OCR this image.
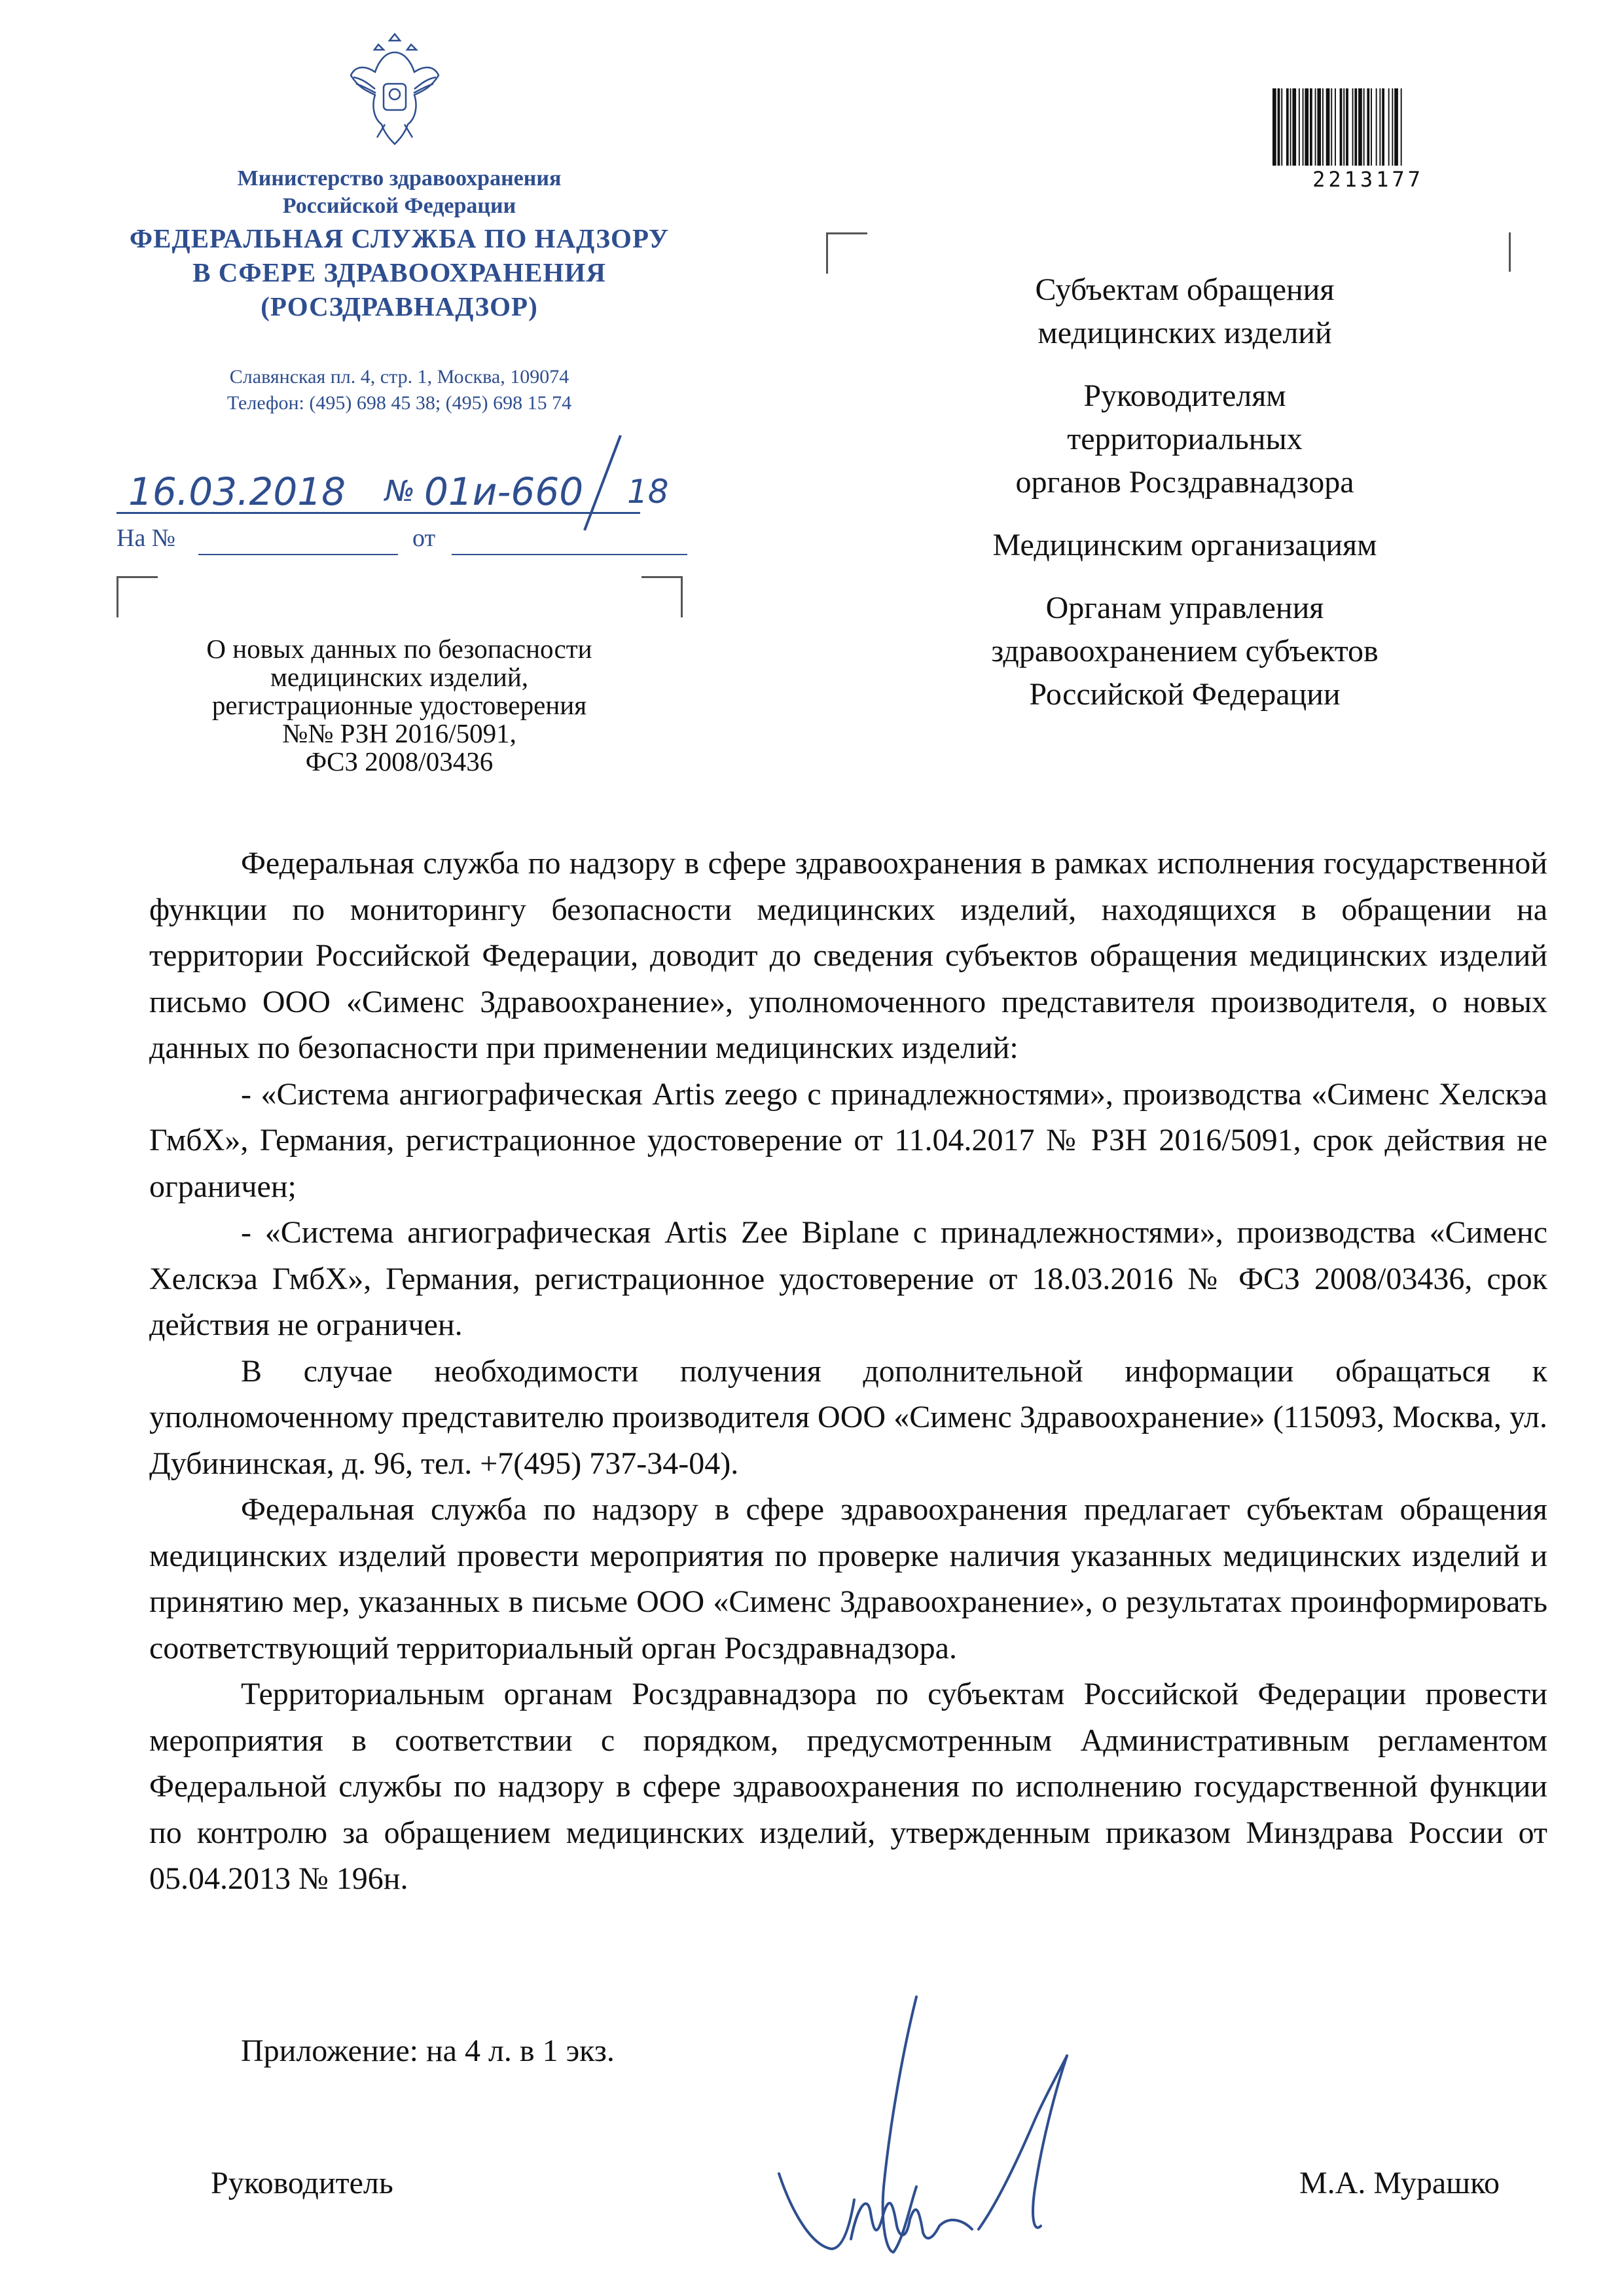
Министерство здравоохранения
Российской Федерации
ФЕДЕРАЛЬНАЯ СЛУЖБА ПО НАДЗОРУ
В СФЕРЕ ЗДРАВООХРАНЕНИЯ
(РОСЗДРАВНАДЗОР)
Славянская пл. 4, стр. 1, Москва, 109074
Телефон: (495) 698 45 38; (495) 698 15 74
16.03.2018 № 01и-660 18
На №	от
О новых данных по безопасности
медицинских изделий,
регистрационные удостоверения
№№ РЗН 2016/5091,
ФСЗ 2008/03436
2213177
Субъектам обращения
медицинских изделий
Руководителям
территориальных
органов Росздравнадзора
Медицинским организациям
Органам управления
здравоохранением субъектов
Российской Федерации

Федеральная служба по надзору в сфере здравоохранения в рамках исполнения государственной функции по мониторингу безопасности медицинских изделий, находящихся в обращении на территории Российской Федерации, доводит до сведения субъектов обращения медицинских изделий письмо ООО «Сименс Здравоохранение», уполномоченного представителя производителя, о новых данных по безопасности при применении медицинских изделий:

- «Система ангиографическая Artis zeego с принадлежностями», производства «Сименс Хелскэа ГмбХ», Германия, регистрационное удостоверение от 11.04.2017 № РЗН 2016/5091, срок действия не ограничен;

- «Система ангиографическая Artis Zee Biplane с принадлежностями», производства «Сименс Хелскэа ГмбХ», Германия, регистрационное удостоверение от 18.03.2016 № ФСЗ 2008/03436, срок действия не ограничен.

В случае необходимости получения дополнительной информации обращаться к уполномоченному представителю производителя ООО «Сименс Здравоохранение» (115093, Москва, ул. Дубининская, д. 96, тел. +7(495) 737-34-04).

Федеральная служба по надзору в сфере здравоохранения предлагает субъектам обращения медицинских изделий провести мероприятия по проверке наличия указанных медицинских изделий и принятию мер, указанных в письме ООО «Сименс Здравоохранение», о результатах проинформировать соответствующий территориальный орган Росздравнадзора.

Территориальным органам Росздравнадзора по субъектам Российской Федерации провести мероприятия в соответствии с порядком, предусмотренным Административным регламентом Федеральной службы по надзору в сфере здравоохранения по исполнению государственной функции по контролю за обращением медицинских изделий, утвержденным приказом Минздрава России от 05.04.2013 № 196н.

Приложение: на 4 л. в 1 экз.
Руководитель	М.А. Мурашко
